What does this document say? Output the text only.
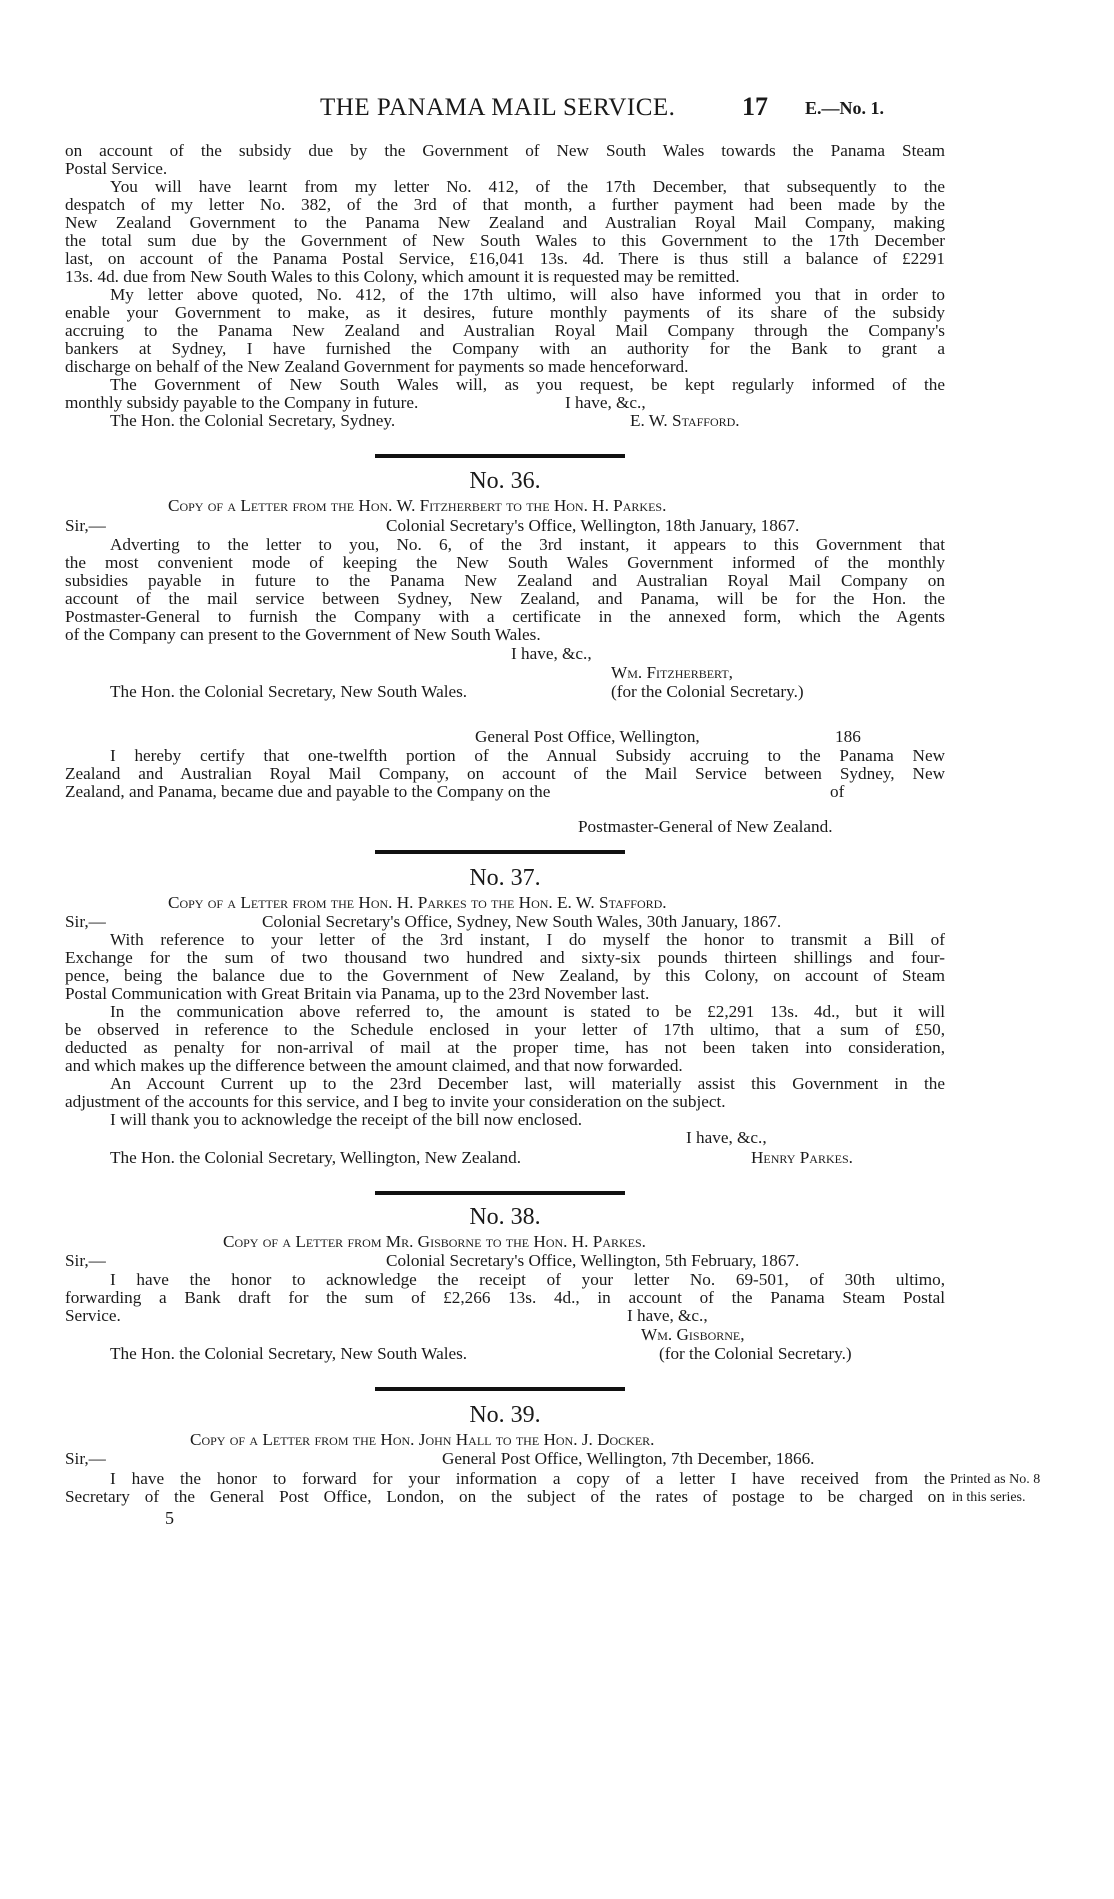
THE PANAMA MAIL SERVICE.	17 E.—No. 1.
on account of the subsidy due by the Government of New South Wales towards the Panama Steam
Postal Service.
You will have learnt from my letter No. 412, of the 17th December, that subsequently to the
despatch of my letter No. 382, of the 3rd of that month, a further payment had been made by the
New Zealand Government to the Panama New Zealand and Australian Royal Mail Company, making
the total sum due by the Government of New South Wales to this Government to the 17th December
last, on account of the Panama Postal Service, £16,041 13s. 4d. There is thus still a balance of £2291
13s. 4d. due from New South Wales to this Colony, which amount it is requested may be remitted.
My letter above quoted, No. 412, of the 17th ultimo, will also have informed you that in order to
enable your Government to make, as it desires, future monthly payments of its share of the subsidy
accruing to the Panama New Zealand and Australian Royal Mail Company through the Company's
bankers at Sydney, I have furnished the Company with an authority for the Bank to grant a
discharge on behalf of the New Zealand Government for payments so made henceforward.
The Government of New South Wales will, as you request, be kept regularly informed of the
monthly subsidy payable to the Company in future.	I have, &c.,
The Hon. the Colonial Secretary, Sydney.	E. W. Stafford.
No. 36.
Copy of a Letter from the Hon. W. Fitzherbert to the Hon. H. Parkes.
Sir,—	Colonial Secretary's Office, Wellington, 18th January, 1867.
Adverting to the letter to you, No. 6, of the 3rd instant, it appears to this Government that
the most convenient mode of keeping the New South Wales Government informed of the monthly
subsidies payable in future to the Panama New Zealand and Australian Royal Mail Company on
account of the mail service between Sydney, New Zealand, and Panama, will be for the Hon. the
Postmaster-General to furnish the Company with a certificate in the annexed form, which the Agents
of the Company can present to the Government of New South Wales.
I have, &c.,
Wm. Fitzherbert,
The Hon. the Colonial Secretary, New South Wales.	(for the Colonial Secretary.)
General Post Office, Wellington,	186
I hereby certify that one-twelfth portion of the Annual Subsidy accruing to the Panama New
Zealand and Australian Royal Mail Company, on account of the Mail Service between Sydney, New
Zealand, and Panama, became due and payable to the Company on the	of
Postmaster-General of New Zealand.
No. 37.
Copy of a Letter from the Hon. H. Parkes to the Hon. E. W. Stafford.
Sir,—	Colonial Secretary's Office, Sydney, New South Wales, 30th January, 1867.
With reference to your letter of the 3rd instant, I do myself the honor to transmit a Bill of
Exchange for the sum of two thousand two hundred and sixty-six pounds thirteen shillings and four-
pence, being the balance due to the Government of New Zealand, by this Colony, on account of Steam
Postal Communication with Great Britain via Panama, up to the 23rd November last.
In the communication above referred to, the amount is stated to be £2,291 13s. 4d., but it will
be observed in reference to the Schedule enclosed in your letter of 17th ultimo, that a sum of £50,
deducted as penalty for non-arrival of mail at the proper time, has not been taken into consideration,
and which makes up the difference between the amount claimed, and that now forwarded.
An Account Current up to the 23rd December last, will materially assist this Government in the
adjustment of the accounts for this service, and I beg to invite your consideration on the subject.
I will thank you to acknowledge the receipt of the bill now enclosed.
I have, &c.,
The Hon. the Colonial Secretary, Wellington, New Zealand.	Henry Parkes.
No. 38.
Copy of a Letter from Mr. Gisborne to the Hon. H. Parkes.
Sir,—	Colonial Secretary's Office, Wellington, 5th February, 1867.
I have the honor to acknowledge the receipt of your letter No. 69-501, of 30th ultimo,
forwarding a Bank draft for the sum of £2,266 13s. 4d., in account of the Panama Steam Postal
Service.	I have, &c.,
Wm. Gisborne,
The Hon. the Colonial Secretary, New South Wales.	(for the Colonial Secretary.)
No. 39.
Copy of a Letter from the Hon. John Hall to the Hon. J. Docker.
Sir,—	General Post Office, Wellington, 7th December, 1866.
I have the honor to forward for your information a copy of a letter I have received from the
Secretary of the General Post Office, London, on the subject of the rates of postage to be charged on
Printed as No. 8
in this series.
5
